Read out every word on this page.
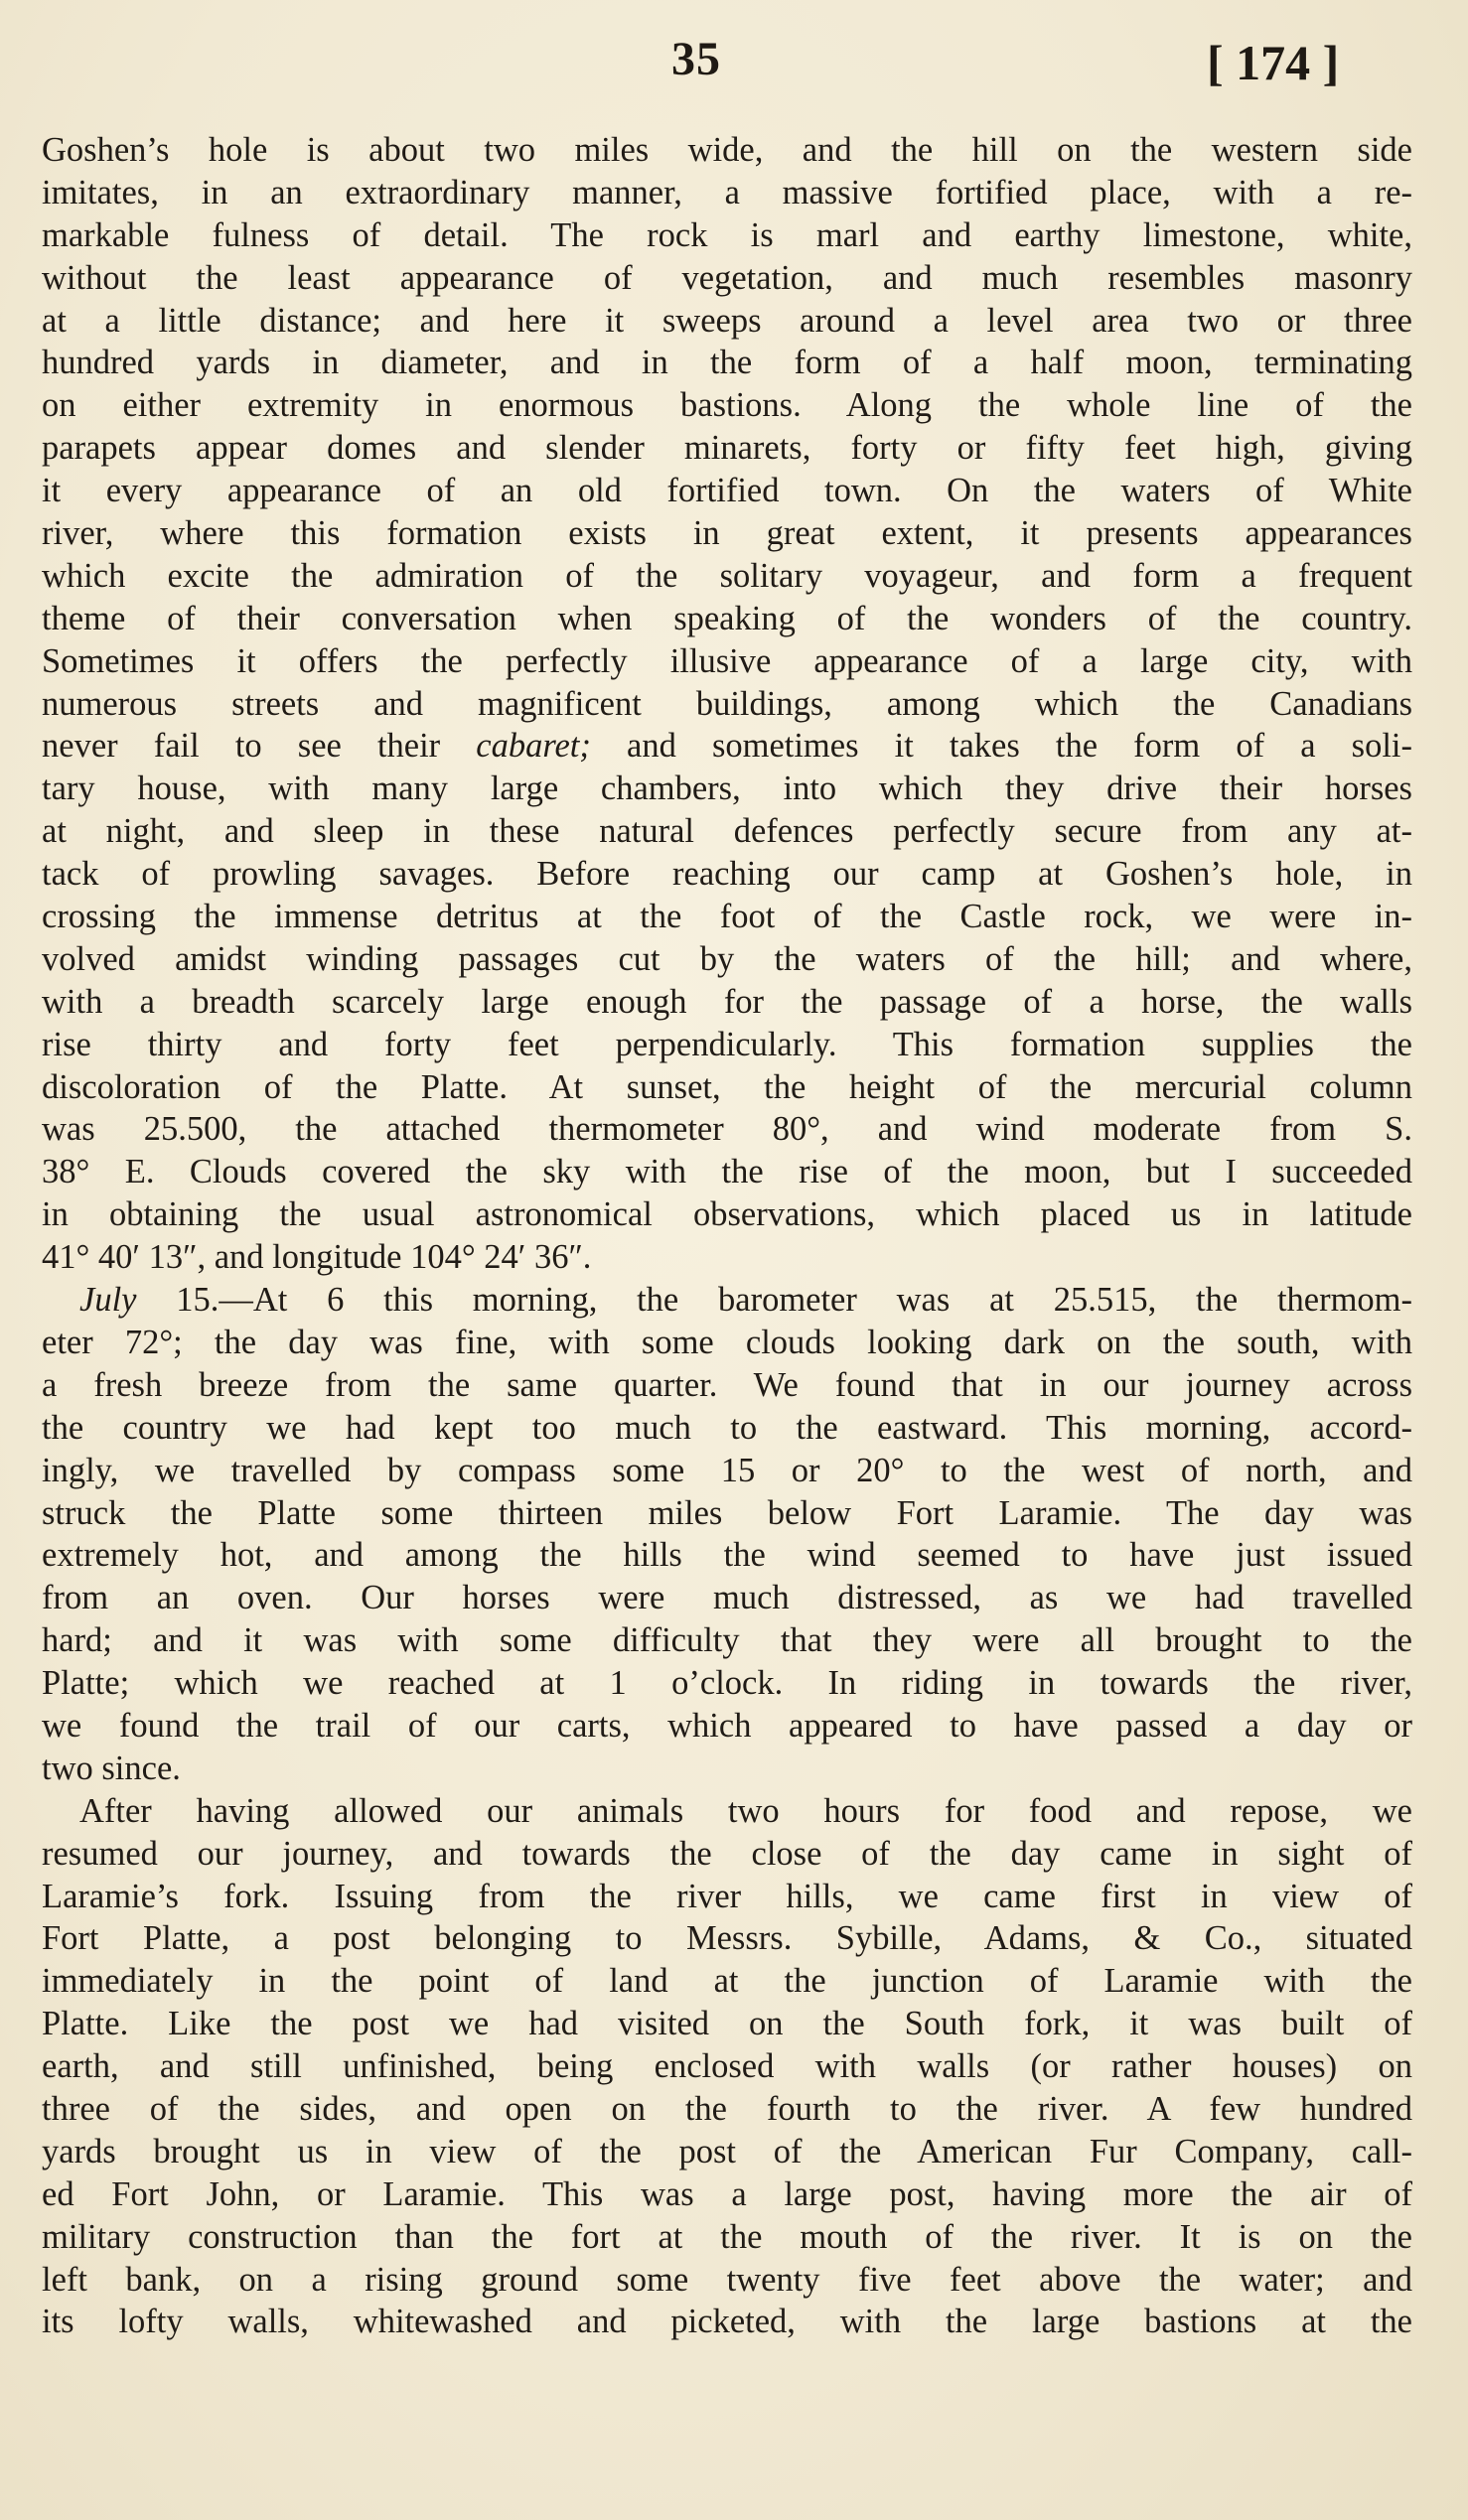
35	[ 174 ]
Goshen’s hole is about two miles wide, and the hill on the western side
imitates, in an extraordinary manner, a massive fortified place, with a re-
markable fulness of detail. The rock is marl and earthy limestone, white,
without the least appearance of vegetation, and much resembles masonry
at a little distance; and here it sweeps around a level area two or three
hundred yards in diameter, and in the form of a half moon, terminating
on either extremity in enormous bastions. Along the whole line of the
parapets appear domes and slender minarets, forty or fifty feet high, giving
it every appearance of an old fortified town. On the waters of White
river, where this formation exists in great extent, it presents appearances
which excite the admiration of the solitary voyageur, and form a frequent
theme of their conversation when speaking of the wonders of the country.
Sometimes it offers the perfectly illusive appearance of a large city, with
numerous streets and magnificent buildings, among which the Canadians
never fail to see their cabaret; and sometimes it takes the form of a soli-
tary house, with many large chambers, into which they drive their horses
at night, and sleep in these natural defences perfectly secure from any at-
tack of prowling savages. Before reaching our camp at Goshen’s hole, in
crossing the immense detritus at the foot of the Castle rock, we were in-
volved amidst winding passages cut by the waters of the hill; and where,
with a breadth scarcely large enough for the passage of a horse, the walls
rise thirty and forty feet perpendicularly. This formation supplies the
discoloration of the Platte. At sunset, the height of the mercurial column
was 25.500, the attached thermometer 80°, and wind moderate from S.
38° E. Clouds covered the sky with the rise of the moon, but I succeeded
in obtaining the usual astronomical observations, which placed us in latitude
41° 40′ 13″, and longitude 104° 24′ 36″.
July 15.—At 6 this morning, the barometer was at 25.515, the thermom-
eter 72°; the day was fine, with some clouds looking dark on the south, with
a fresh breeze from the same quarter. We found that in our journey across
the country we had kept too much to the eastward. This morning, accord-
ingly, we travelled by compass some 15 or 20° to the west of north, and
struck the Platte some thirteen miles below Fort Laramie. The day was
extremely hot, and among the hills the wind seemed to have just issued
from an oven. Our horses were much distressed, as we had travelled
hard; and it was with some difficulty that they were all brought to the
Platte; which we reached at 1 o’clock. In riding in towards the river,
we found the trail of our carts, which appeared to have passed a day or
two since.
After having allowed our animals two hours for food and repose, we
resumed our journey, and towards the close of the day came in sight of
Laramie’s fork. Issuing from the river hills, we came first in view of
Fort Platte, a post belonging to Messrs. Sybille, Adams, & Co., situated
immediately in the point of land at the junction of Laramie with the
Platte. Like the post we had visited on the South fork, it was built of
earth, and still unfinished, being enclosed with walls (or rather houses) on
three of the sides, and open on the fourth to the river. A few hundred
yards brought us in view of the post of the American Fur Company, call-
ed Fort John, or Laramie. This was a large post, having more the air of
military construction than the fort at the mouth of the river. It is on the
left bank, on a rising ground some twenty five feet above the water; and
its lofty walls, whitewashed and picketed, with the large bastions at the
